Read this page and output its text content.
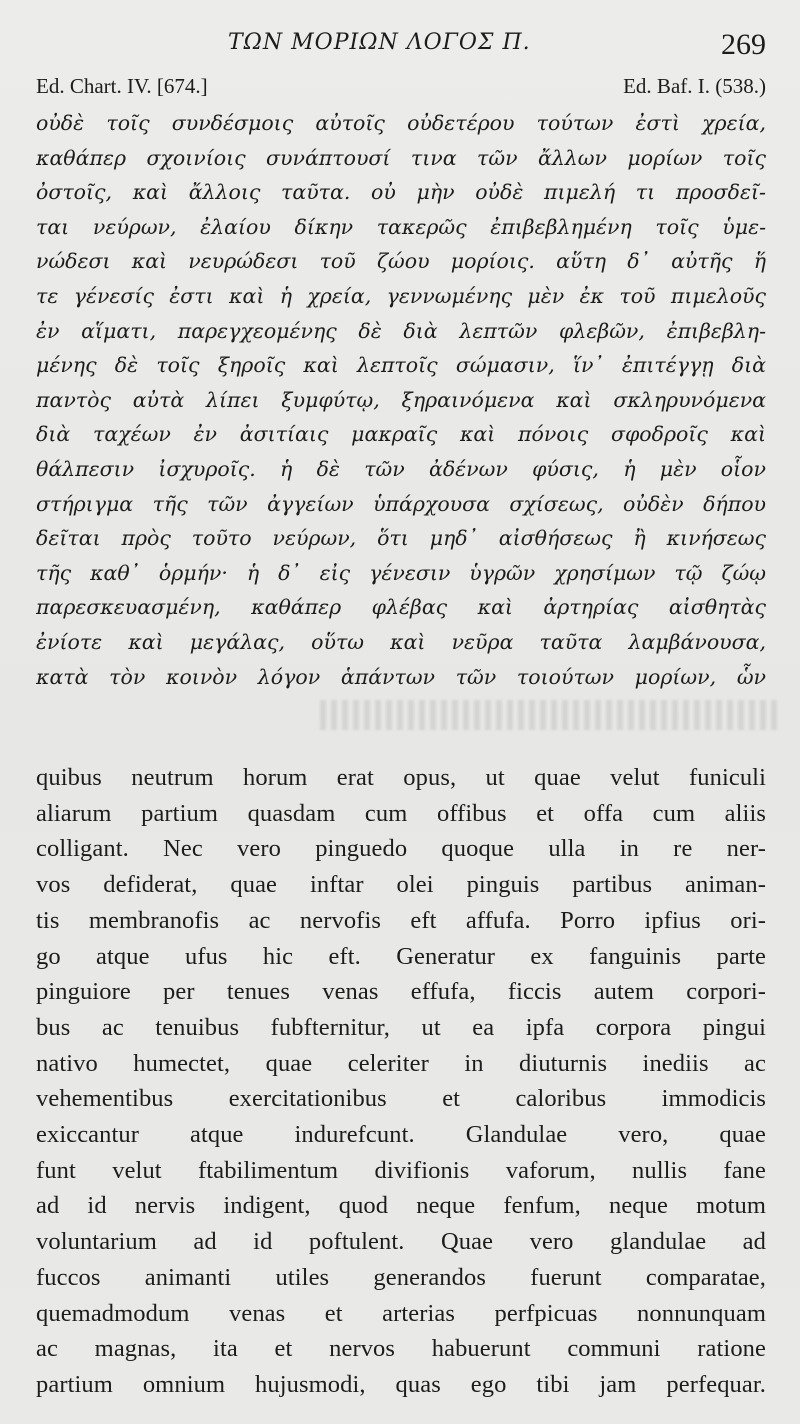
ΤΩΝ ΜΟΡΙΩΝ ΛΟΓΟΣ Π.	269
Ed. Chart. IV. [674.]	Ed. Baf. I. (538.)
οὐδὲ τοῖς συνδέσμοις αὐτοῖς οὐδετέρου τούτων ἐστὶ χρεία,
καθάπερ σχοινίοις συνάπτουσί τινα τῶν ἄλλων μορίων τοῖς
ὀστοῖς, καὶ ἄλλοις ταῦτα. οὐ μὴν οὐδὲ πιμελή τι προσδεῖ-
ται νεύρων, ἐλαίου δίκην τακερῶς ἐπιβεβλημένη τοῖς ὑμε-
νώδεσι καὶ νευρώδεσι τοῦ ζώου μορίοις. αὕτη δ᾽ αὐτῆς ἥ
τε γένεσίς ἐστι καὶ ἡ χρεία, γεννωμένης μὲν ἐκ τοῦ πιμελοῦς
ἐν αἵματι, παρεγχεομένης δὲ διὰ λεπτῶν φλεβῶν, ἐπιβεβλη-
μένης δὲ τοῖς ξηροῖς καὶ λεπτοῖς σώμασιν, ἵν᾽ ἐπιτέγγῃ διὰ
παντὸς αὐτὰ λίπει ξυμφύτῳ, ξηραινόμενα καὶ σκληρυνόμενα
διὰ ταχέων ἐν ἀσιτίαις μακραῖς καὶ πόνοις σφοδροῖς καὶ
θάλπεσιν ἰσχυροῖς. ἡ δὲ τῶν ἀδένων φύσις, ἡ μὲν οἷον
στήριγμα τῆς τῶν ἀγγείων ὑπάρχουσα σχίσεως, οὐδὲν δήπου
δεῖται πρὸς τοῦτο νεύρων, ὅτι μηδ᾽ αἰσθήσεως ἢ κινήσεως
τῆς καθ᾽ ὁρμήν· ἡ δ᾽ εἰς γένεσιν ὑγρῶν χρησίμων τῷ ζώῳ
παρεσκευασμένη, καθάπερ φλέβας καὶ ἀρτηρίας αἰσθητὰς
ἐνίοτε καὶ μεγάλας, οὕτω καὶ νεῦρα ταῦτα λαμβάνουσα,
κατὰ τὸν κοινὸν λόγον ἁπάντων τῶν τοιούτων μορίων, ὧν
quibus neutrum horum erat opus, ut quae velut funiculi
aliarum partium quasdam cum offibus et offa cum aliis
colligant. Nec vero pinguedo quoque ulla in re ner-
vos defiderat, quae inftar olei pinguis partibus animan-
tis membranofis ac nervofis eft affufa. Porro ipfius ori-
go atque ufus hic eft. Generatur ex fanguinis parte
pinguiore per tenues venas effufa, ficcis autem corpori-
bus ac tenuibus fubfternitur, ut ea ipfa corpora pingui
nativo humectet, quae celeriter in diuturnis inediis ac
vehementibus exercitationibus et caloribus immodicis
exiccantur atque indurefcunt. Glandulae vero, quae
funt velut ftabilimentum divifionis vaforum, nullis fane
ad id nervis indigent, quod neque fenfum, neque motum
voluntarium ad id poftulent. Quae vero glandulae ad
fuccos animanti utiles generandos fuerunt comparatae,
quemadmodum venas et arterias perfpicuas nonnunquam
ac magnas, ita et nervos habuerunt communi ratione
partium omnium hujusmodi, quas ego tibi jam perfequar.
